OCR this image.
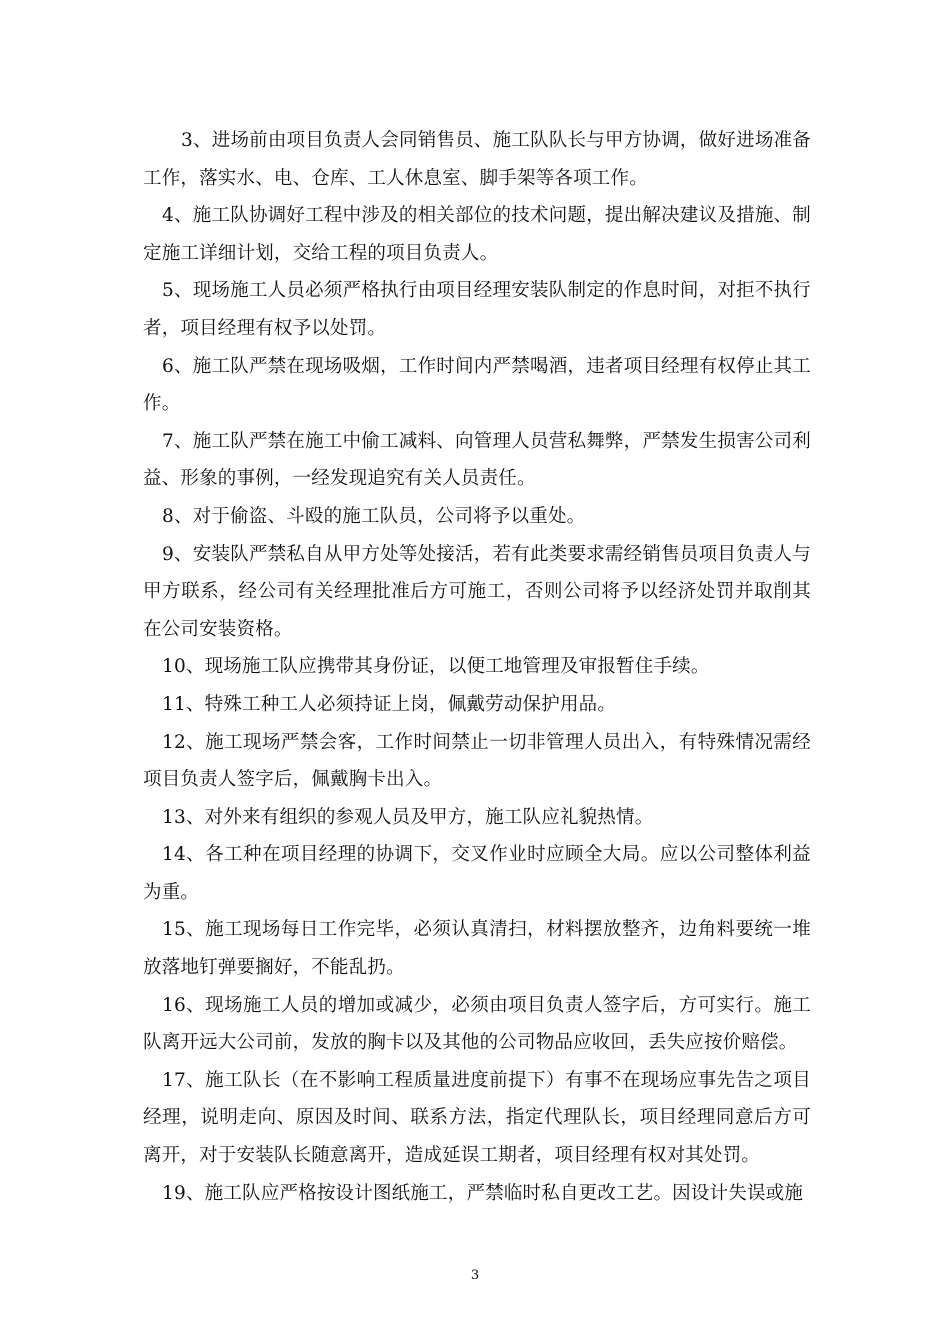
3、进场前由项目负责人会同销售员、施工队队长与甲方协调，做好进场准备工作，落实水、电、仓库、工人休息室、脚手架等各项工作。

4、施工队协调好工程中涉及的相关部位的技术问题，提出解决建议及措施、制定施工详细计划，交给工程的项目负责人。

5、现场施工人员必须严格执行由项目经理安装队制定的作息时间，对拒不执行者，项目经理有权予以处罚。

6、施工队严禁在现场吸烟，工作时间内严禁喝酒，违者项目经理有权停止其工作。

7、施工队严禁在施工中偷工减料、向管理人员营私舞弊，严禁发生损害公司利益、形象的事例，一经发现追究有关人员责任。

8、对于偷盗、斗殴的施工队员，公司将予以重处。

9、安装队严禁私自从甲方处等处接活，若有此类要求需经销售员项目负责人与甲方联系，经公司有关经理批准后方可施工，否则公司将予以经济处罚并取削其在公司安装资格。

10、现场施工队应携带其身份证，以便工地管理及审报暂住手续。

11、特殊工种工人必须持证上岗，佩戴劳动保护用品。

12、施工现场严禁会客，工作时间禁止一切非管理人员出入，有特殊情况需经项目负责人签字后，佩戴胸卡出入。

13、对外来有组织的参观人员及甲方，施工队应礼貌热情。

14、各工种在项目经理的协调下，交叉作业时应顾全大局。应以公司整体利益为重。

15、施工现场每日工作完毕，必须认真清扫，材料摆放整齐，边角料要统一堆放落地钉弹要搁好，不能乱扔。

16、现场施工人员的增加或减少，必须由项目负责人签字后，方可实行。施工队离开远大公司前，发放的胸卡以及其他的公司物品应收回，丢失应按价赔偿。

17、施工队长（在不影响工程质量进度前提下）有事不在现场应事先告之项目经理，说明走向、原因及时间、联系方法，指定代理队长，项目经理同意后方可离开，对于安装队长随意离开，造成延误工期者，项目经理有权对其处罚。

19、施工队应严格按设计图纸施工，严禁临时私自更改工艺。因设计失误或施

3
